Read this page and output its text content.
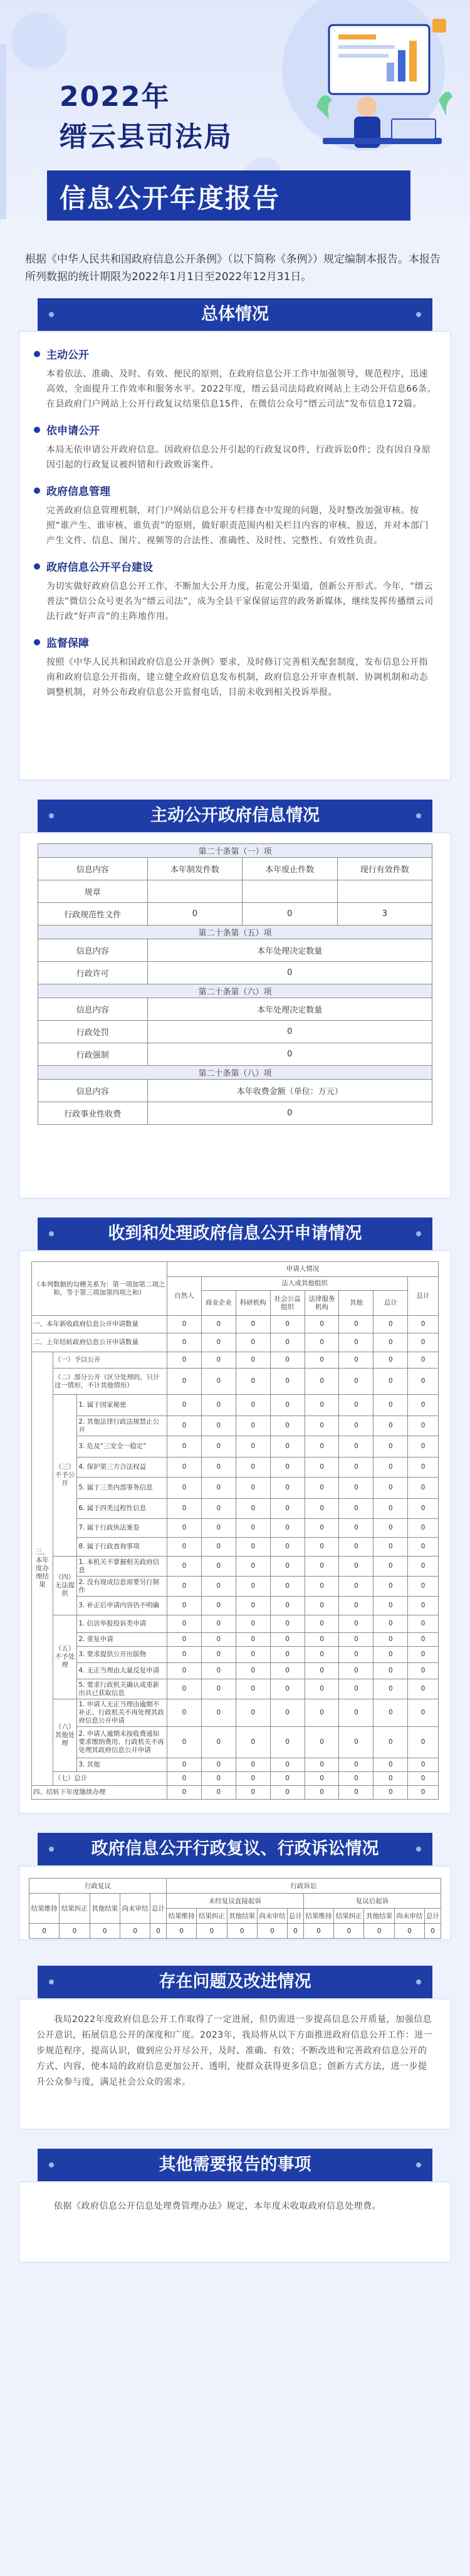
2022年
缙云县司法局
信息公开年度报告

根据《中华人民共和国政府信息公开条例》（以下简称《条例》）规定编制本报告。本报告所列数据的统计期限为2022年1月1日至2022年12月31日。

总体情况
主动公开

本着依法、准确、及时、有效、便民的原则，在政府信息公开工作中加强领导，规范程序，迅速高效，全面提升工作效率和服务水平。2022年度，缙云县司法局政府网站上主动公开信息66条。在县政府门户网站上公开行政复议结果信息15件，在微信公众号“缙云司法”发布信息172篇。

依申请公开

本局无依申请公开政府信息。因政府信息公开引起的行政复议0件，行政诉讼0件；没有因自身原因引起的行政复议被纠错和行政败诉案件。

政府信息管理

完善政府信息管理机制，对门户网站信息公开专栏排查中发现的问题，及时整改加强审核。按照“谁产生、谁审核、谁负责”的原则，做好职责范围内相关栏目内容的审核、报送，并对本部门产生文件、信息、图片、视频等的合法性、准确性、及时性、完整性、有效性负责。

政府信息公开平台建设

为切实做好政府信息公开工作，不断加大公开力度，拓宽公开渠道，创新公开形式。今年，“缙云普法”微信公众号更名为“缙云司法”，成为全县干家保留运营的政务新媒体，继续发挥传播缙云司法行政“好声音”的主阵地作用。

监督保障

按照《中华人民共和国政府信息公开条例》要求，及时修订完善相关配套制度，发布信息公开指南和政府信息公开指南，建立健全政府信息发布机制，政府信息公开审查机制、协调机制和动态调整机制，对外公布政府信息公开监督电话，目前未收到相关投诉举报。

主动公开政府信息情况
第二十条第（一）项			
信息内容	本年制发件数	本年废止件数	现行有效件数
规章			
行政规范性文件	0	0	3
第二十条第（五）项			
信息内容	本年处理决定数量		
行政许可	0		
第二十条第（六）项			
信息内容	本年处理决定数量		
行政处罚	0		
行政强制	0		
第二十条第（八）项			
信息内容	本年收费金额（单位：万元）		
行政事业性收费	0		
收到和处理政府信息公开申请情况
（本列数据的勾稽关系为：第一项加第二项之和，等于第三项加第四项之和）			申请人情况							
			自然人	法人或其他组织						总计
				商业企业	科研机构	社会公益组织	法律服务机构	其他	总计	
一、本年新收政府信息公开申请数量			0	0	0	0	0	0	0	0
二、上年结转政府信息公开申请数量			0	0	0	0	0	0	0	0
三、本年度办理结果	（一）予以公开		0	0	0	0	0	0	0	0
	（二）部分公开（区分处理的，只计这一情形，不计其他情形）		0	0	0	0	0	0	0	0
	（三）不予公开	1. 属于国家秘密	0	0	0	0	0	0	0	0
		2. 其他法律行政法规禁止公开	0	0	0	0	0	0	0	0
		3. 危及“三安全一稳定”	0	0	0	0	0	0	0	0
		4. 保护第三方合法权益	0	0	0	0	0	0	0	0
		5. 属于三类内部事务信息	0	0	0	0	0	0	0	0
		6. 属于四类过程性信息	0	0	0	0	0	0	0	0
		7. 属于行政执法案卷	0	0	0	0	0	0	0	0
		8. 属于行政查询事项	0	0	0	0	0	0	0	0
	（四）无法提供	1. 本机关不掌握相关政府信息	0	0	0	0	0	0	0	0
		2. 没有现成信息需要另行制作	0	0	0	0	0	0	0	0
		3. 补正后申请内容仍不明确	0	0	0	0	0	0	0	0
	（五）不予处理	1. 信访举报投诉类申请	0	0	0	0	0	0	0	0
		2. 重复申请	0	0	0	0	0	0	0	0
		3. 要求提供公开出版物	0	0	0	0	0	0	0	0
		4. 无正当理由大量反复申请	0	0	0	0	0	0	0	0
		5. 要求行政机关确认或重新出具已获取信息	0	0	0	0	0	0	0	0
	（六）其他处理	1. 申请人无正当理由逾期不补正、行政机关不再处理其政府信息公开申请	0	0	0	0	0	0	0	0
		2. 申请人逾期未按收费通知要求缴纳费用、行政机关不再处理其政府信息公开申请	0	0	0	0	0	0	0	0
		3. 其他	0	0	0	0	0	0	0	0
	（七）总计		0	0	0	0	0	0	0	0
四、结转下年度继续办理			0	0	0	0	0	0	0	0
政府信息公开行政复议、行政诉讼情况
行政复议					行政诉讼									
结果维持	结果纠正	其他结果	尚未审结	总计	未经复议直接起诉					复议后起诉				
					结果维持	结果纠正	其他结果	尚未审结	总计	结果维持	结果纠正	其他结果	尚未审结	总计
0	0	0	0	0	0	0	0	0	0	0	0	0	0	0
存在问题及改进情况

我局2022年度政府信息公开工作取得了一定进展，但仍需进一步提高信息公开质量，加强信息公开意识，拓展信息公开的深度和广度。2023年，我局将从以下方面推进政府信息公开工作：进一步规范程序，提高认识，做到应公开尽公开，及时、准确、有效；不断改进和完善政府信息公开的方式、内容，使本局的政府信息更加公开、透明，使群众获得更多信息；创新方式方法，进一步提升公众参与度，满足社会公众的需求。

其他需要报告的事项

依据《政府信息公开信息处理费管理办法》规定，本年度未收取政府信息处理费。
